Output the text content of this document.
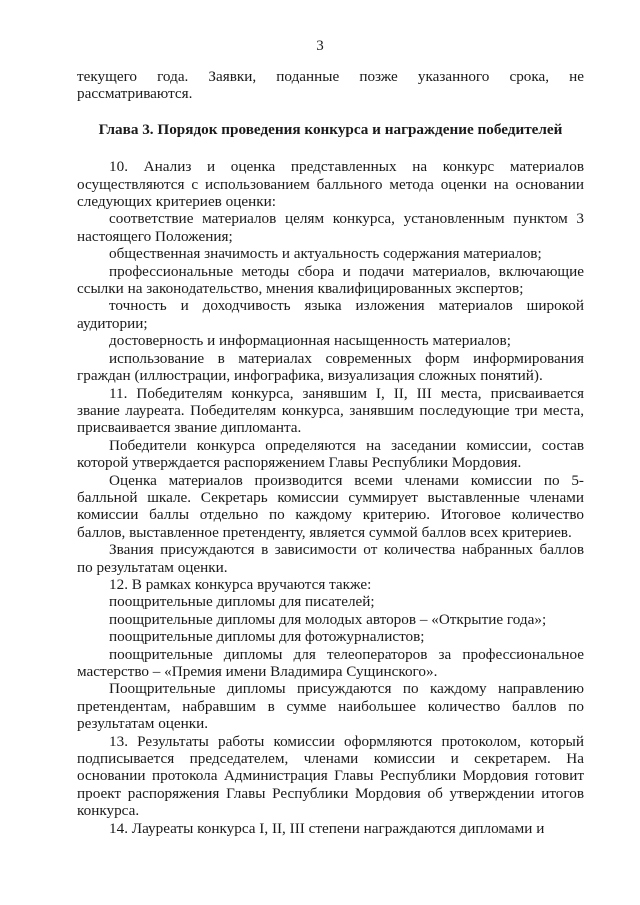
3

текущего года. Заявки, поданные позже указанного срока, не рассматриваются.

Глава 3. Порядок проведения конкурса и награждение победителей

10. Анализ и оценка представленных на конкурс материалов осуществляются с использованием балльного метода оценки на основании следующих критериев оценки:

соответствие материалов целям конкурса, установленным пунктом 3 настоящего Положения;

общественная значимость и актуальность содержания материалов;

профессиональные методы сбора и подачи материалов, включающие ссылки на законодательство, мнения квалифицированных экспертов;

точность и доходчивость языка изложения материалов широкой аудитории;

достоверность и информационная насыщенность материалов;

использование в материалах современных форм информирования граждан (иллюстрации, инфографика, визуализация сложных понятий).

11. Победителям конкурса, занявшим I, II, III места, присваивается звание лауреата. Победителям конкурса, занявшим последующие три места, присваивается звание дипломанта.

Победители конкурса определяются на заседании комиссии, состав которой утверждается распоряжением Главы Республики Мордовия.

Оценка материалов производится всеми членами комиссии по 5-балльной шкале. Секретарь комиссии суммирует выставленные членами комиссии баллы отдельно по каждому критерию. Итоговое количество баллов, выставленное претенденту, является суммой баллов всех критериев.

Звания присуждаются в зависимости от количества набранных баллов по результатам оценки.

12. В рамках конкурса вручаются также:

поощрительные дипломы для писателей;

поощрительные дипломы для молодых авторов – «Открытие года»;

поощрительные дипломы для фотожурналистов;

поощрительные дипломы для телеоператоров за профессиональное мастерство – «Премия имени Владимира Сущинского».

Поощрительные дипломы присуждаются по каждому направлению претендентам, набравшим в сумме наибольшее количество баллов по результатам оценки.

13. Результаты работы комиссии оформляются протоколом, который подписывается председателем, членами комиссии и секретарем. На основании протокола Администрация Главы Республики Мордовия готовит проект распоряжения Главы Республики Мордовия об утверждении итогов конкурса.

14. Лауреаты конкурса I, II, III степени награждаются дипломами и
